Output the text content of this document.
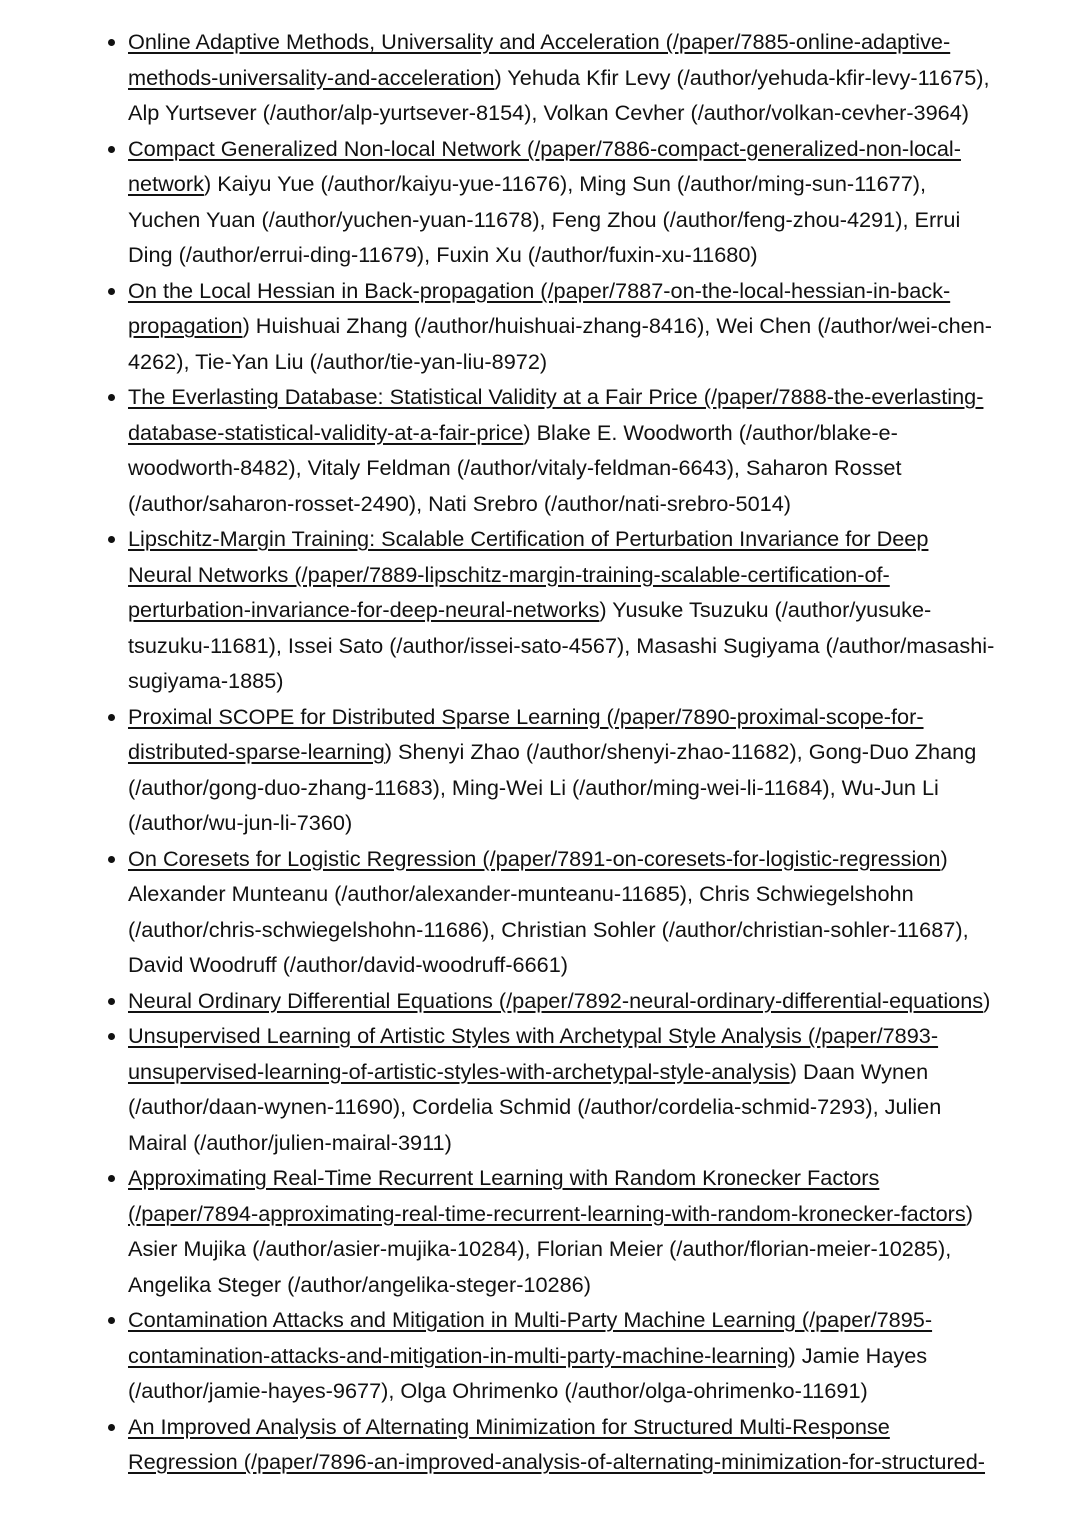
• Online Adaptive Methods, Universality and Acceleration (/paper/7885-online-adaptive-methods-universality-and-acceleration) Yehuda Kfir Levy (/author/yehuda-kfir-levy-11675), Alp Yurtsever (/author/alp-yurtsever-8154), Volkan Cevher (/author/volkan-cevher-3964)
• Compact Generalized Non-local Network (/paper/7886-compact-generalized-non-local-network) Kaiyu Yue (/author/kaiyu-yue-11676), Ming Sun (/author/ming-sun-11677), Yuchen Yuan (/author/yuchen-yuan-11678), Feng Zhou (/author/feng-zhou-4291), Errui Ding (/author/errui-ding-11679), Fuxin Xu (/author/fuxin-xu-11680)
• On the Local Hessian in Back-propagation (/paper/7887-on-the-local-hessian-in-back-propagation) Huishuai Zhang (/author/huishuai-zhang-8416), Wei Chen (/author/wei-chen-4262), Tie-Yan Liu (/author/tie-yan-liu-8972)
• The Everlasting Database: Statistical Validity at a Fair Price (/paper/7888-the-everlasting-database-statistical-validity-at-a-fair-price) Blake E. Woodworth (/author/blake-e-woodworth-8482), Vitaly Feldman (/author/vitaly-feldman-6643), Saharon Rosset (/author/saharon-rosset-2490), Nati Srebro (/author/nati-srebro-5014)
• Lipschitz-Margin Training: Scalable Certification of Perturbation Invariance for Deep Neural Networks (/paper/7889-lipschitz-margin-training-scalable-certification-of-perturbation-invariance-for-deep-neural-networks) Yusuke Tsuzuku (/author/yusuke-tsuzuku-11681), Issei Sato (/author/issei-sato-4567), Masashi Sugiyama (/author/masashi-sugiyama-1885)
• Proximal SCOPE for Distributed Sparse Learning (/paper/7890-proximal-scope-for-distributed-sparse-learning) Shenyi Zhao (/author/shenyi-zhao-11682), Gong-Duo Zhang (/author/gong-duo-zhang-11683), Ming-Wei Li (/author/ming-wei-li-11684), Wu-Jun Li (/author/wu-jun-li-7360)
• On Coresets for Logistic Regression (/paper/7891-on-coresets-for-logistic-regression) Alexander Munteanu (/author/alexander-munteanu-11685), Chris Schwiegelshohn (/author/chris-schwiegelshohn-11686), Christian Sohler (/author/christian-sohler-11687), David Woodruff (/author/david-woodruff-6661)
• Neural Ordinary Differential Equations (/paper/7892-neural-ordinary-differential-equations)
• Unsupervised Learning of Artistic Styles with Archetypal Style Analysis (/paper/7893-unsupervised-learning-of-artistic-styles-with-archetypal-style-analysis) Daan Wynen (/author/daan-wynen-11690), Cordelia Schmid (/author/cordelia-schmid-7293), Julien Mairal (/author/julien-mairal-3911)
• Approximating Real-Time Recurrent Learning with Random Kronecker Factors (/paper/7894-approximating-real-time-recurrent-learning-with-random-kronecker-factors) Asier Mujika (/author/asier-mujika-10284), Florian Meier (/author/florian-meier-10285), Angelika Steger (/author/angelika-steger-10286)
• Contamination Attacks and Mitigation in Multi-Party Machine Learning (/paper/7895-contamination-attacks-and-mitigation-in-multi-party-machine-learning) Jamie Hayes (/author/jamie-hayes-9677), Olga Ohrimenko (/author/olga-ohrimenko-11691)
• An Improved Analysis of Alternating Minimization for Structured Multi-Response Regression (/paper/7896-an-improved-analysis-of-alternating-minimization-for-structured-
